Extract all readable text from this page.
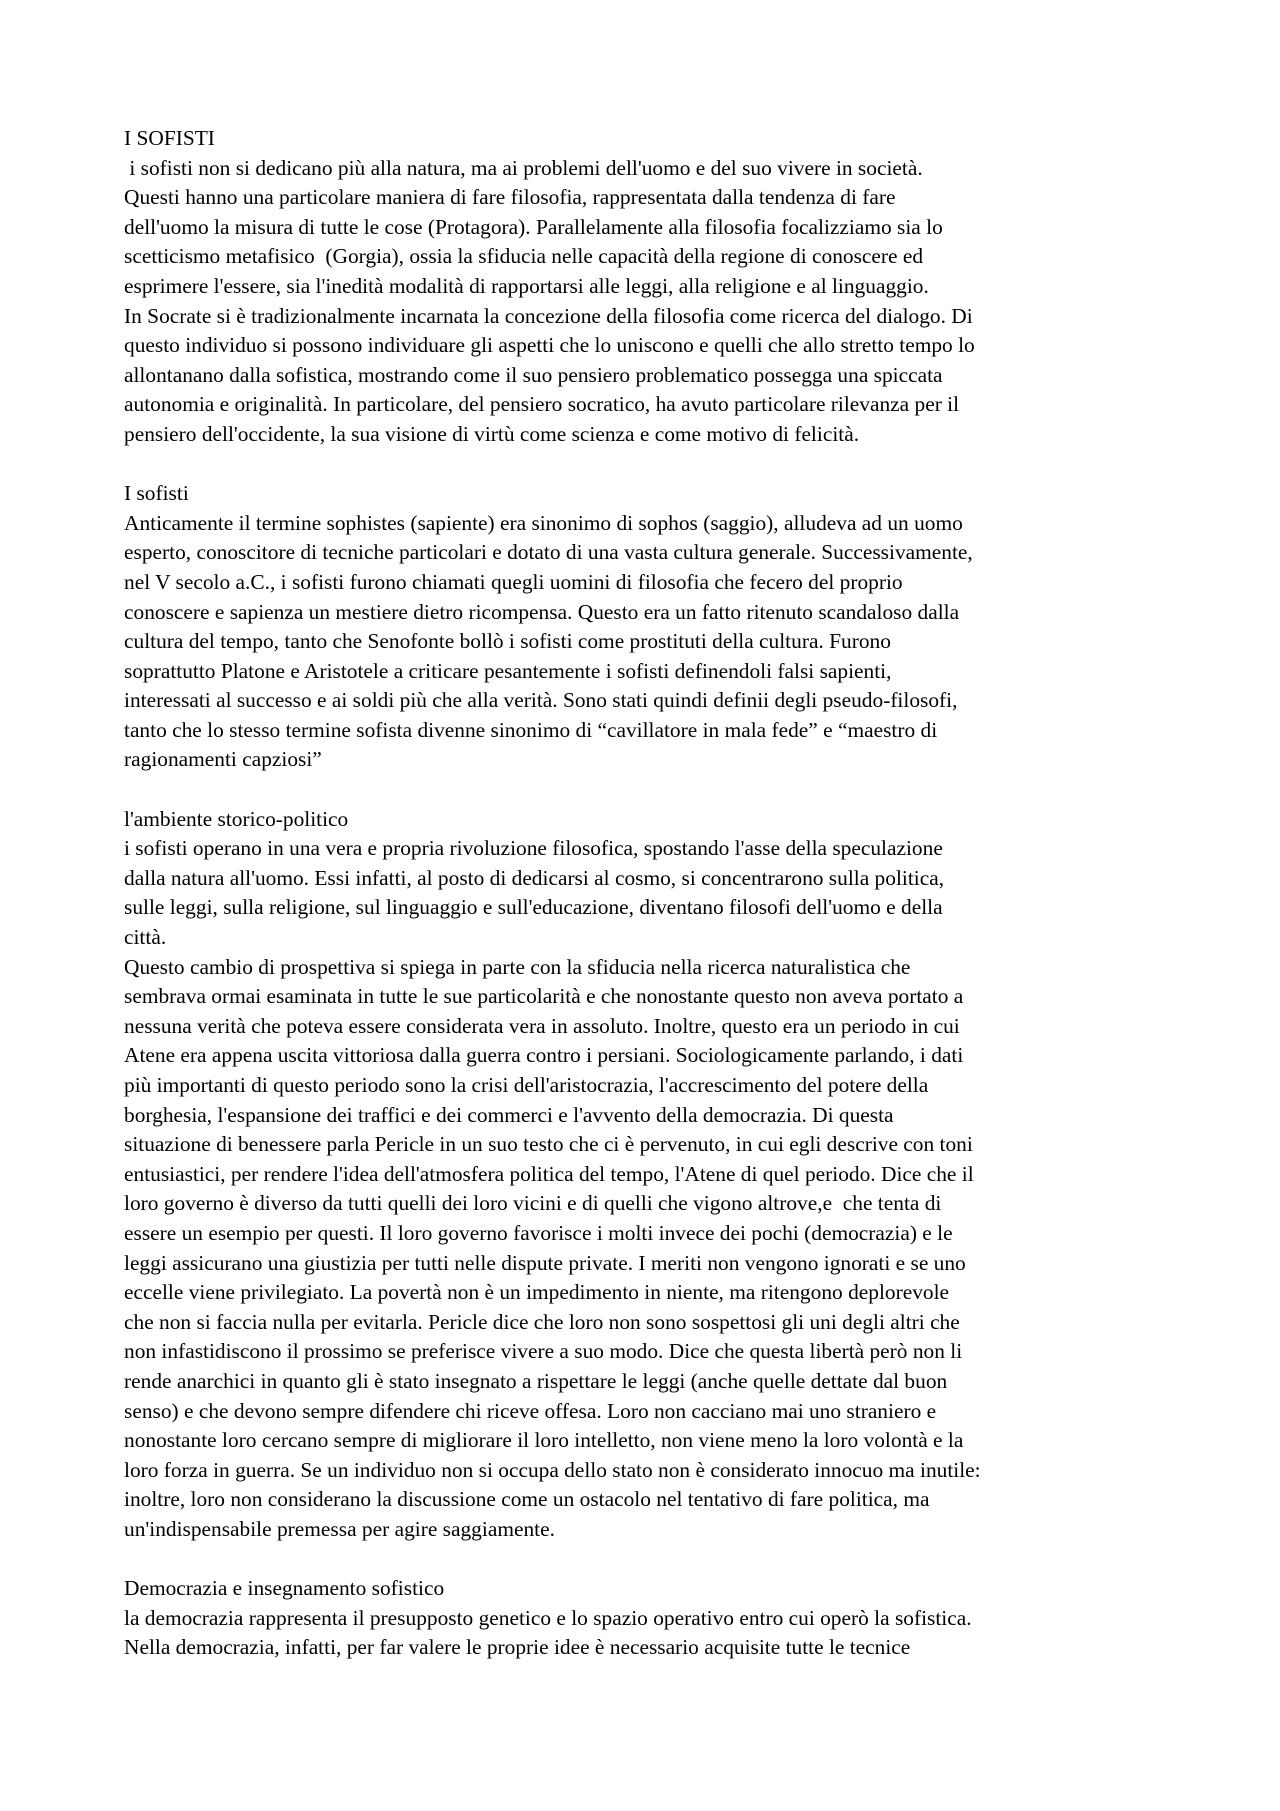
I SOFISTI
i sofisti non si dedicano più alla natura, ma ai problemi dell'uomo e del suo vivere in società.
Questi hanno una particolare maniera di fare filosofia, rappresentata dalla tendenza di fare
dell'uomo la misura di tutte le cose (Protagora). Parallelamente alla filosofia focalizziamo sia lo
scetticismo metafisico  (Gorgia), ossia la sfiducia nelle capacità della regione di conoscere ed
esprimere l'essere, sia l'inedità modalità di rapportarsi alle leggi, alla religione e al linguaggio.
In Socrate si è tradizionalmente incarnata la concezione della filosofia come ricerca del dialogo. Di
questo individuo si possono individuare gli aspetti che lo uniscono e quelli che allo stretto tempo lo
allontanano dalla sofistica, mostrando come il suo pensiero problematico possegga una spiccata
autonomia e originalità. In particolare, del pensiero socratico, ha avuto particolare rilevanza per il
pensiero dell'occidente, la sua visione di virtù come scienza e come motivo di felicità.
I sofisti
Anticamente il termine sophistes (sapiente) era sinonimo di sophos (saggio), alludeva ad un uomo
esperto, conoscitore di tecniche particolari e dotato di una vasta cultura generale. Successivamente,
nel V secolo a.C., i sofisti furono chiamati quegli uomini di filosofia che fecero del proprio
conoscere e sapienza un mestiere dietro ricompensa. Questo era un fatto ritenuto scandaloso dalla
cultura del tempo, tanto che Senofonte bollò i sofisti come prostituti della cultura. Furono
soprattutto Platone e Aristotele a criticare pesantemente i sofisti definendoli falsi sapienti,
interessati al successo e ai soldi più che alla verità. Sono stati quindi definii degli pseudo-filosofi,
tanto che lo stesso termine sofista divenne sinonimo di “cavillatore in mala fede” e “maestro di
ragionamenti capziosi”
l'ambiente storico-politico
i sofisti operano in una vera e propria rivoluzione filosofica, spostando l'asse della speculazione
dalla natura all'uomo. Essi infatti, al posto di dedicarsi al cosmo, si concentrarono sulla politica,
sulle leggi, sulla religione, sul linguaggio e sull'educazione, diventano filosofi dell'uomo e della
città.
Questo cambio di prospettiva si spiega in parte con la sfiducia nella ricerca naturalistica che
sembrava ormai esaminata in tutte le sue particolarità e che nonostante questo non aveva portato a
nessuna verità che poteva essere considerata vera in assoluto. Inoltre, questo era un periodo in cui
Atene era appena uscita vittoriosa dalla guerra contro i persiani. Sociologicamente parlando, i dati
più importanti di questo periodo sono la crisi dell'aristocrazia, l'accrescimento del potere della
borghesia, l'espansione dei traffici e dei commerci e l'avvento della democrazia. Di questa
situazione di benessere parla Pericle in un suo testo che ci è pervenuto, in cui egli descrive con toni
entusiastici, per rendere l'idea dell'atmosfera politica del tempo, l'Atene di quel periodo. Dice che il
loro governo è diverso da tutti quelli dei loro vicini e di quelli che vigono altrove,e  che tenta di
essere un esempio per questi. Il loro governo favorisce i molti invece dei pochi (democrazia) e le
leggi assicurano una giustizia per tutti nelle dispute private. I meriti non vengono ignorati e se uno
eccelle viene privilegiato. La povertà non è un impedimento in niente, ma ritengono deplorevole
che non si faccia nulla per evitarla. Pericle dice che loro non sono sospettosi gli uni degli altri che
non infastidiscono il prossimo se preferisce vivere a suo modo. Dice che questa libertà però non li
rende anarchici in quanto gli è stato insegnato a rispettare le leggi (anche quelle dettate dal buon
senso) e che devono sempre difendere chi riceve offesa. Loro non cacciano mai uno straniero e
nonostante loro cercano sempre di migliorare il loro intelletto, non viene meno la loro volontà e la
loro forza in guerra. Se un individuo non si occupa dello stato non è considerato innocuo ma inutile:
inoltre, loro non considerano la discussione come un ostacolo nel tentativo di fare politica, ma
un'indispensabile premessa per agire saggiamente.
Democrazia e insegnamento sofistico
la democrazia rappresenta il presupposto genetico e lo spazio operativo entro cui operò la sofistica.
Nella democrazia, infatti, per far valere le proprie idee è necessario acquisite tutte le tecnice
